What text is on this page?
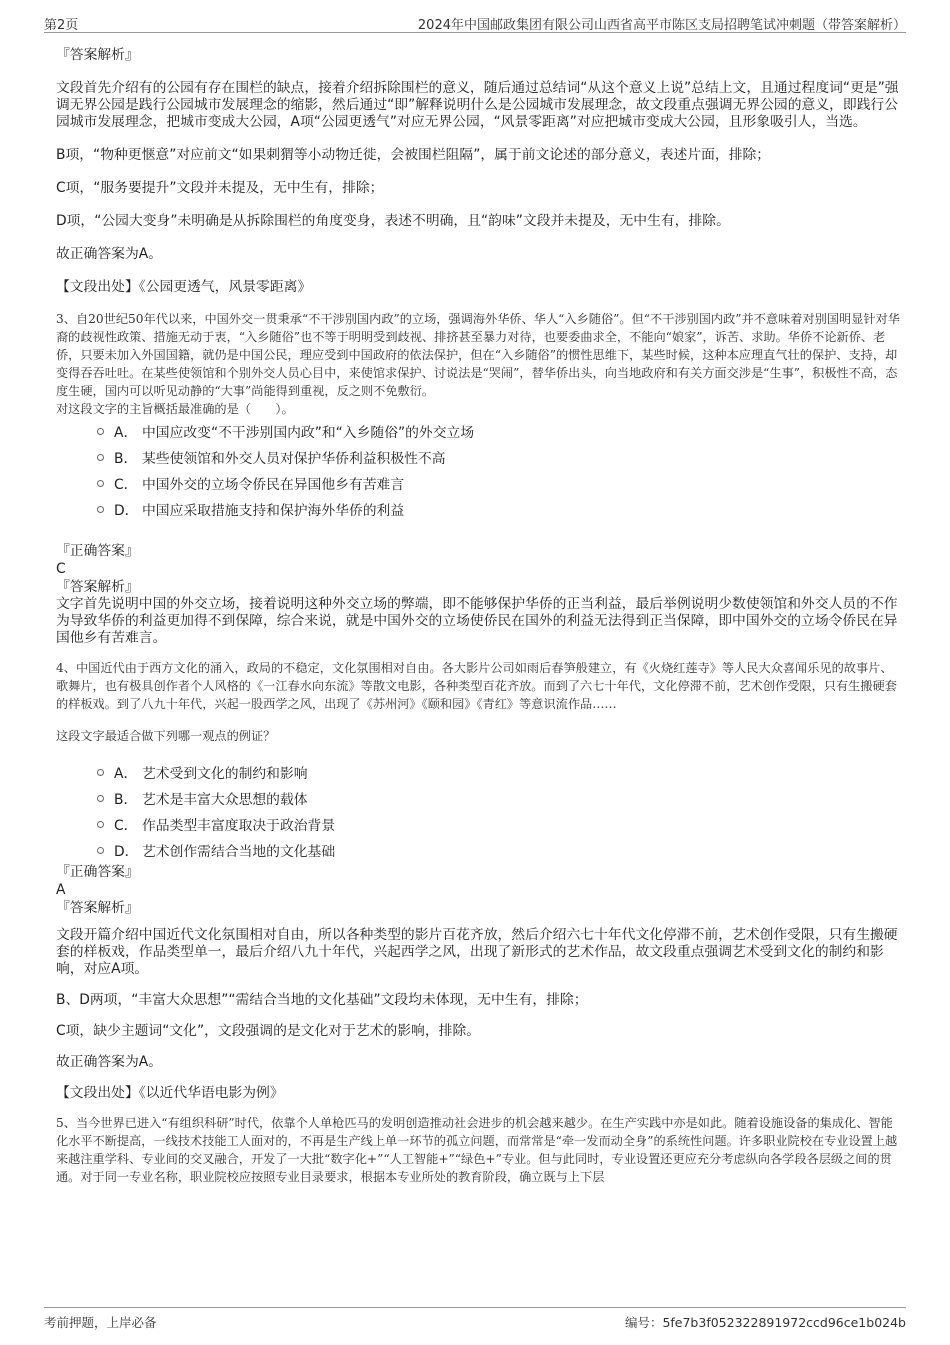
第2页	2024年中国邮政集团有限公司山西省高平市陈区支局招聘笔试冲刺题（带答案解析）
『答案解析』

文段首先介绍有的公园有存在围栏的缺点，接着介绍拆除围栏的意义，随后通过总结词“从这个意义上说”总结上文，且通过程度词“更是”强调无界公园是践行公园城市发展理念的缩影，然后通过“即”解释说明什么是公园城市发展理念，故文段重点强调无界公园的意义，即践行公园城市发展理念，把城市变成大公园，A项“公园更透气”对应无界公园，“风景零距离”对应把城市变成大公园，且形象吸引人，当选。

B项，“物种更惬意”对应前文“如果刺猬等小动物迁徙，会被围栏阻隔”，属于前文论述的部分意义，表述片面，排除；

C项，“服务要提升”文段并未提及，无中生有，排除；

D项，“公园大变身”未明确是从拆除围栏的角度变身，表述不明确，且“韵味”文段并未提及，无中生有，排除。

故正确答案为A。

【文段出处】《公园更透气，风景零距离》

3、自20世纪50年代以来，中国外交一贯秉承“不干涉别国内政”的立场，强调海外华侨、华人“入乡随俗”。但“不干涉别国内政”并不意味着对别国明显针对华裔的歧视性政策、措施无动于衷，“入乡随俗”也不等于明明受到歧视、排挤甚至暴力对待，也要委曲求全，不能向“娘家”，诉苦、求助。华侨不论新侨、老侨，只要未加入外国国籍，就仍是中国公民，理应受到中国政府的依法保护，但在“入乡随俗”的惯性思维下，某些时候，这种本应理直气壮的保护、支持，却变得吞吞吐吐。在某些使领馆和个别外交人员心目中，来使馆求保护、讨说法是“哭闹”，替华侨出头，向当地政府和有关方面交涉是“生事”，积极性不高，态度生硬，国内可以听见动静的“大事”尚能得到重视，反之则不免敷衍。

对这段文字的主旨概括最准确的是（　　）。

A． 中国应改变“不干涉别国内政”和“入乡随俗”的外交立场
B． 某些使领馆和外交人员对保护华侨利益积极性不高
C． 中国外交的立场令侨民在异国他乡有苦难言
D． 中国应采取措施支持和保护海外华侨的利益
『正确答案』
C
『答案解析』

文字首先说明中国的外交立场，接着说明这种外交立场的弊端，即不能够保护华侨的正当利益，最后举例说明少数使领馆和外交人员的不作为导致华侨的利益更加得不到保障，综合来说，就是中国外交的立场使侨民在国外的利益无法得到正当保障，即中国外交的立场令侨民在异国他乡有苦难言。

4、中国近代由于西方文化的涌入，政局的不稳定，文化氛围相对自由。各大影片公司如雨后春笋般建立，有《火烧红莲寺》等人民大众喜闻乐见的故事片、歌舞片，也有极具创作者个人风格的《一江春水向东流》等散文电影，各种类型百花齐放。而到了六七十年代，文化停滞不前，艺术创作受限，只有生搬硬套的样板戏。到了八九十年代，兴起一股西学之风，出现了《苏州河》《颐和园》《青红》等意识流作品……

这段文字最适合做下列哪一观点的例证？

A． 艺术受到文化的制约和影响
B． 艺术是丰富大众思想的载体
C． 作品类型丰富度取决于政治背景
D． 艺术创作需结合当地的文化基础
『正确答案』
A
『答案解析』

文段开篇介绍中国近代文化氛围相对自由，所以各种类型的影片百花齐放，然后介绍六七十年代文化停滞不前，艺术创作受限，只有生搬硬套的样板戏，作品类型单一，最后介绍八九十年代，兴起西学之风，出现了新形式的艺术作品，故文段重点强调艺术受到文化的制约和影响，对应A项。

B、D两项，“丰富大众思想”“需结合当地的文化基础”文段均未体现，无中生有，排除；

C项，缺少主题词“文化”，文段强调的是文化对于艺术的影响，排除。

故正确答案为A。

【文段出处】《以近代华语电影为例》

5、当今世界已进入“有组织科研”时代，依靠个人单枪匹马的发明创造推动社会进步的机会越来越少。在生产实践中亦是如此。随着设施设备的集成化、智能化水平不断提高，一线技术技能工人面对的，不再是生产线上单一环节的孤立问题，而常常是“牵一发而动全身”的系统性问题。许多职业院校在专业设置上越来越注重学科、专业间的交叉融合，开发了一大批“数字化+”“人工智能+”“绿色+”专业。但与此同时，专业设置还更应充分考虑纵向各学段各层级之间的贯通。对于同一专业名称，职业院校应按照专业目录要求，根据本专业所处的教育阶段，确立既与上下层

考前押题，上岸必备	编号：5fe7b3f052322891972ccd96ce1b024b
